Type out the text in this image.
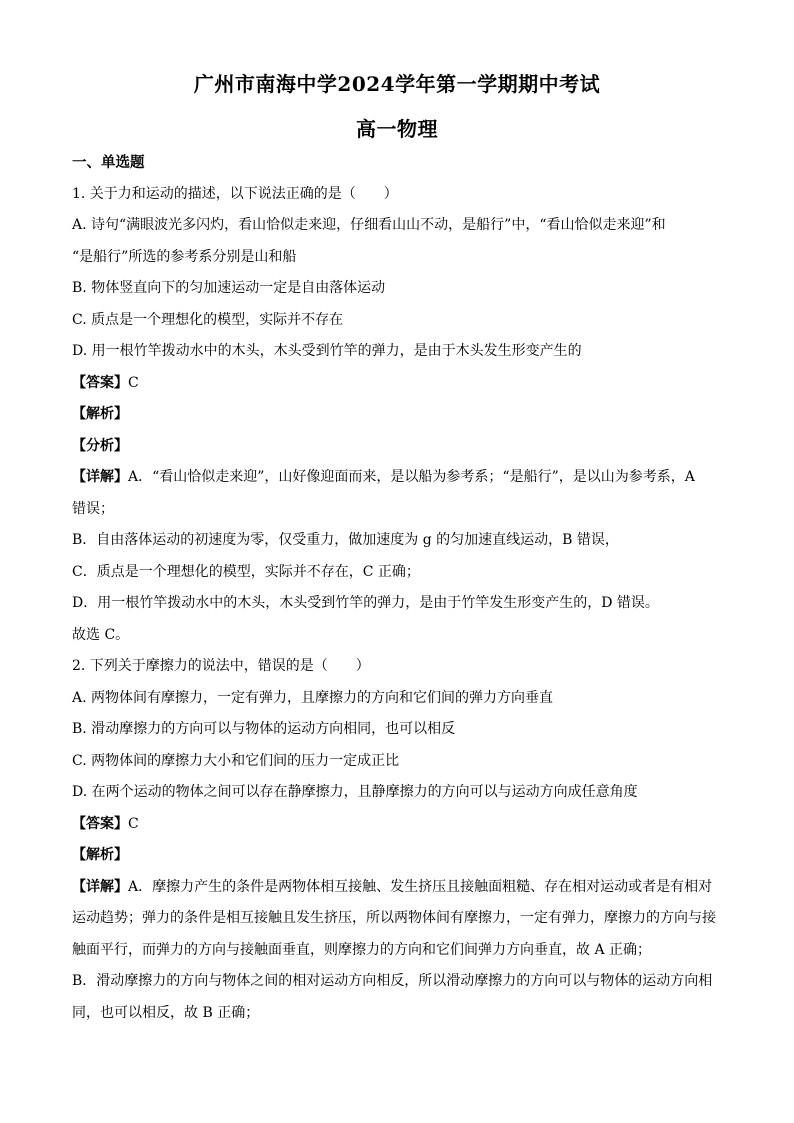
广州市南海中学2024学年第一学期期中考试
高一物理
一、单选题
1. 关于力和运动的描述，以下说法正确的是（　　）
A. 诗句“满眼波光多闪灼，看山恰似走来迎，仔细看山山不动，是船行”中，“看山恰似走来迎”和
“是船行”所选的参考系分别是山和船
B. 物体竖直向下的匀加速运动一定是自由落体运动
C. 质点是一个理想化的模型，实际并不存在
D. 用一根竹竿拨动水中的木头，木头受到竹竿的弹力，是由于木头发生形变产生的
【答案】C
【解析】
【分析】
【详解】A．“看山恰似走来迎”，山好像迎面而来，是以船为参考系；“是船行”，是以山为参考系，A
错误；
B．自由落体运动的初速度为零，仅受重力，做加速度为 g 的匀加速直线运动，B 错误，
C．质点是一个理想化的模型，实际并不存在，C 正确；
D．用一根竹竿拨动水中的木头，木头受到竹竿的弹力，是由于竹竿发生形变产生的，D 错误。
故选 C。
2. 下列关于摩擦力的说法中，错误的是（　　）
A. 两物体间有摩擦力，一定有弹力，且摩擦力的方向和它们间的弹力方向垂直
B. 滑动摩擦力的方向可以与物体的运动方向相同，也可以相反
C. 两物体间的摩擦力大小和它们间的压力一定成正比
D. 在两个运动的物体之间可以存在静摩擦力，且静摩擦力的方向可以与运动方向成任意角度
【答案】C
【解析】
【详解】A．摩擦力产生的条件是两物体相互接触、发生挤压且接触面粗糙、存在相对运动或者是有相对
运动趋势；弹力的条件是相互接触且发生挤压，所以两物体间有摩擦力，一定有弹力，摩擦力的方向与接
触面平行，而弹力的方向与接触面垂直，则摩擦力的方向和它们间弹力方向垂直，故 A 正确；
B．滑动摩擦力的方向与物体之间的相对运动方向相反，所以滑动摩擦力的方向可以与物体的运动方向相
同，也可以相反，故 B 正确；
